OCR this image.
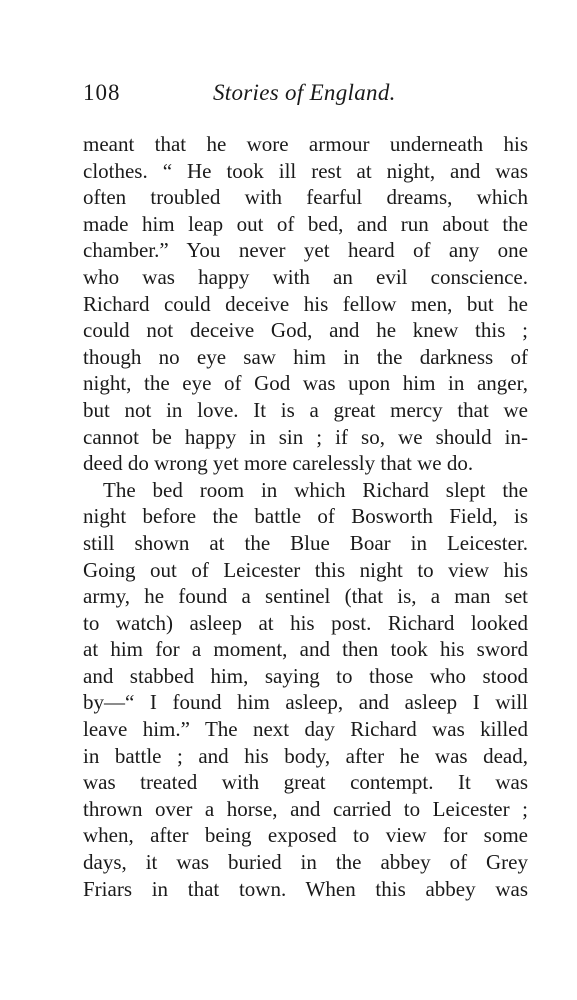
108	Stories of England.
meant that he wore armour underneath his
clothes. “ He took ill rest at night, and was
often troubled with fearful dreams, which
made him leap out of bed, and run about the
chamber.” You never yet heard of any one
who was happy with an evil conscience.
Richard could deceive his fellow men, but he
could not deceive God, and he knew this ;
though no eye saw him in the darkness of
night, the eye of God was upon him in anger,
but not in love. It is a great mercy that we
cannot be happy in sin ; if so, we should in-
deed do wrong yet more carelessly that we do.
The bed room in which Richard slept the
night before the battle of Bosworth Field, is
still shown at the Blue Boar in Leicester.
Going out of Leicester this night to view his
army, he found a sentinel (that is, a man set
to watch) asleep at his post. Richard looked
at him for a moment, and then took his sword
and stabbed him, saying to those who stood
by—“ I found him asleep, and asleep I will
leave him.” The next day Richard was killed
in battle ; and his body, after he was dead,
was treated with great contempt. It was
thrown over a horse, and carried to Leicester ;
when, after being exposed to view for some
days, it was buried in the abbey of Grey
Friars in that town. When this abbey was
